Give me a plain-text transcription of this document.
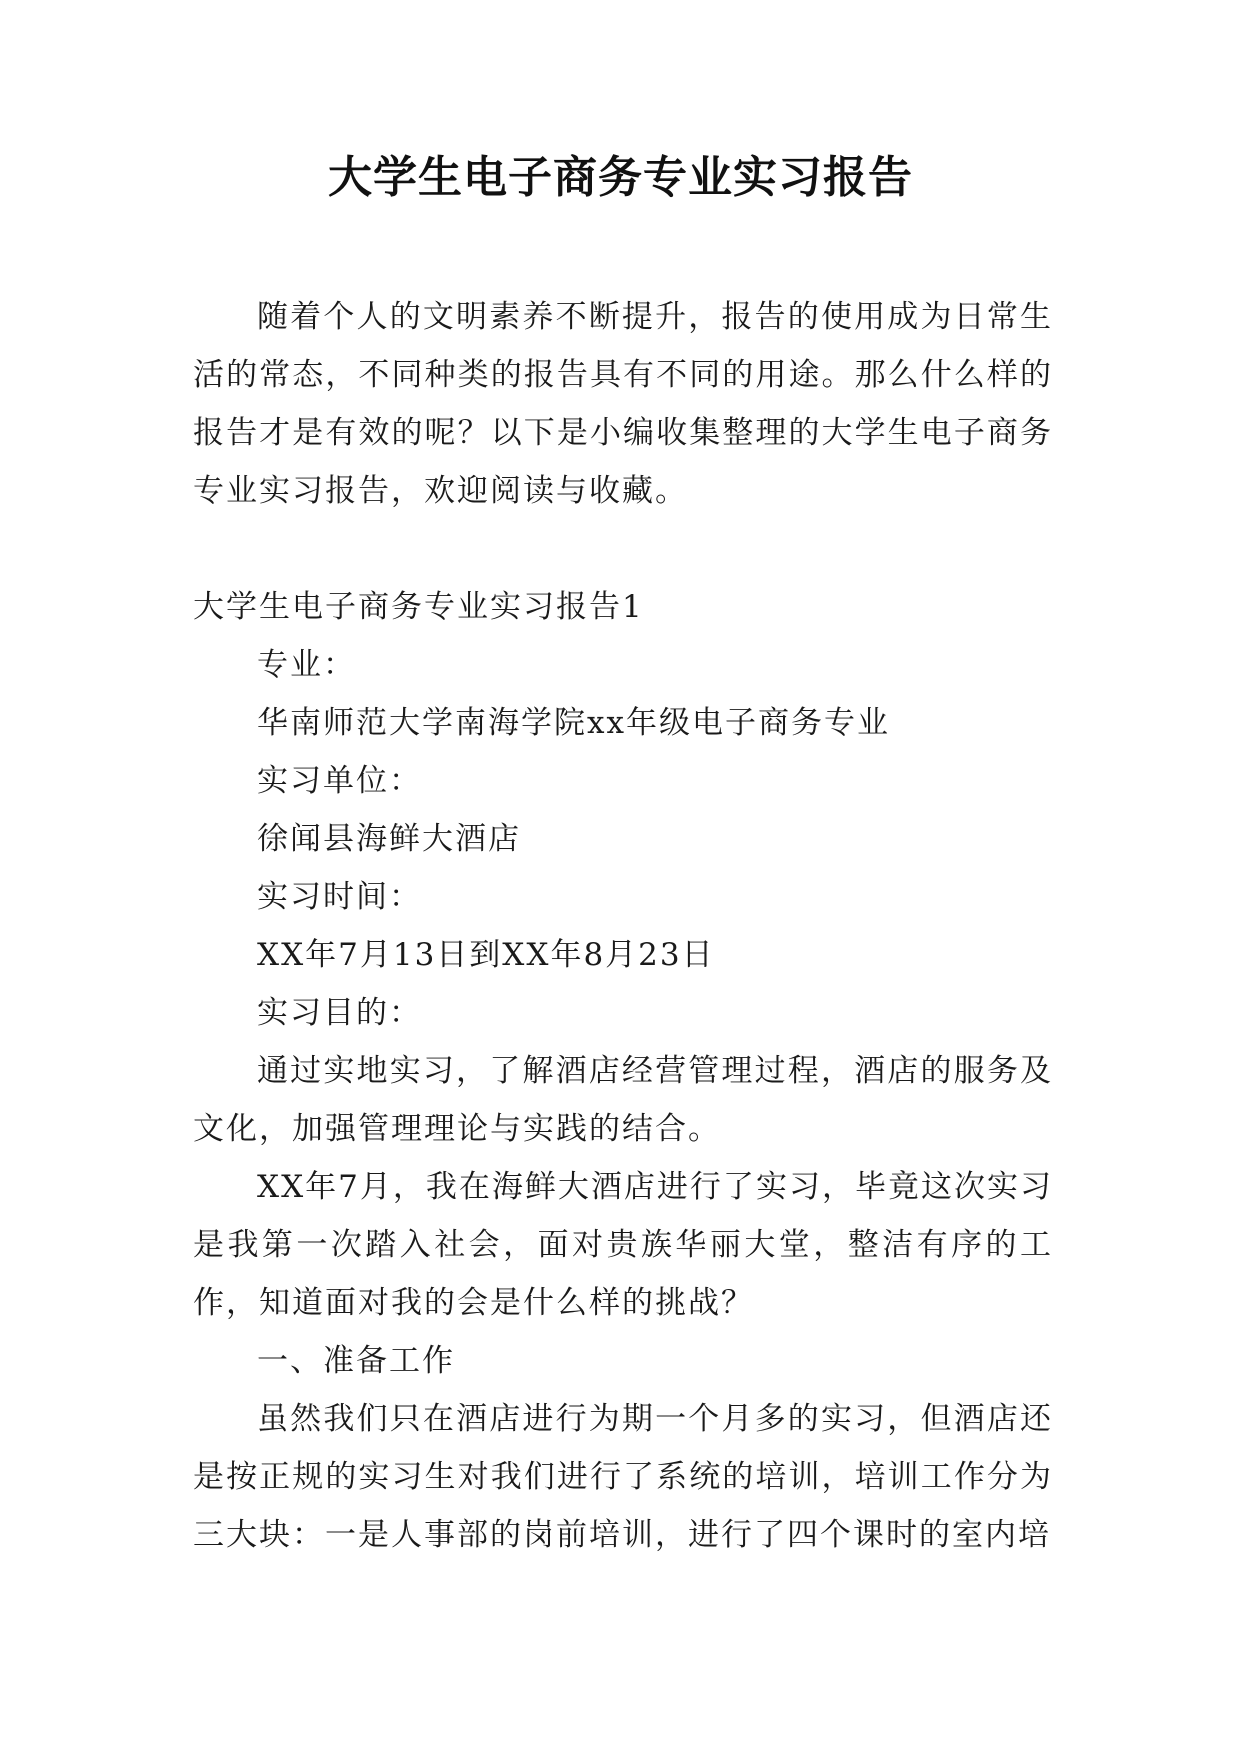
大学生电子商务专业实习报告

随着个人的文明素养不断提升，报告的使用成为日常生活的常态，不同种类的报告具有不同的用途。那么什么样的报告才是有效的呢？以下是小编收集整理的大学生电子商务专业实习报告，欢迎阅读与收藏。

大学生电子商务专业实习报告1

专业：

华南师范大学南海学院xx年级电子商务专业

实习单位：

徐闻县海鲜大酒店

实习时间：

XX年7月13日到XX年8月23日

实习目的：

通过实地实习，了解酒店经营管理过程，酒店的服务及文化，加强管理理论与实践的结合。

XX年7月，我在海鲜大酒店进行了实习，毕竟这次实习是我第一次踏入社会，面对贵族华丽大堂，整洁有序的工作，知道面对我的会是什么样的挑战？

一、准备工作

虽然我们只在酒店进行为期一个月多的实习，但酒店还是按正规的实习生对我们进行了系统的培训，培训工作分为三大块：一是人事部的岗前培训，进行了四个课时的室内培
